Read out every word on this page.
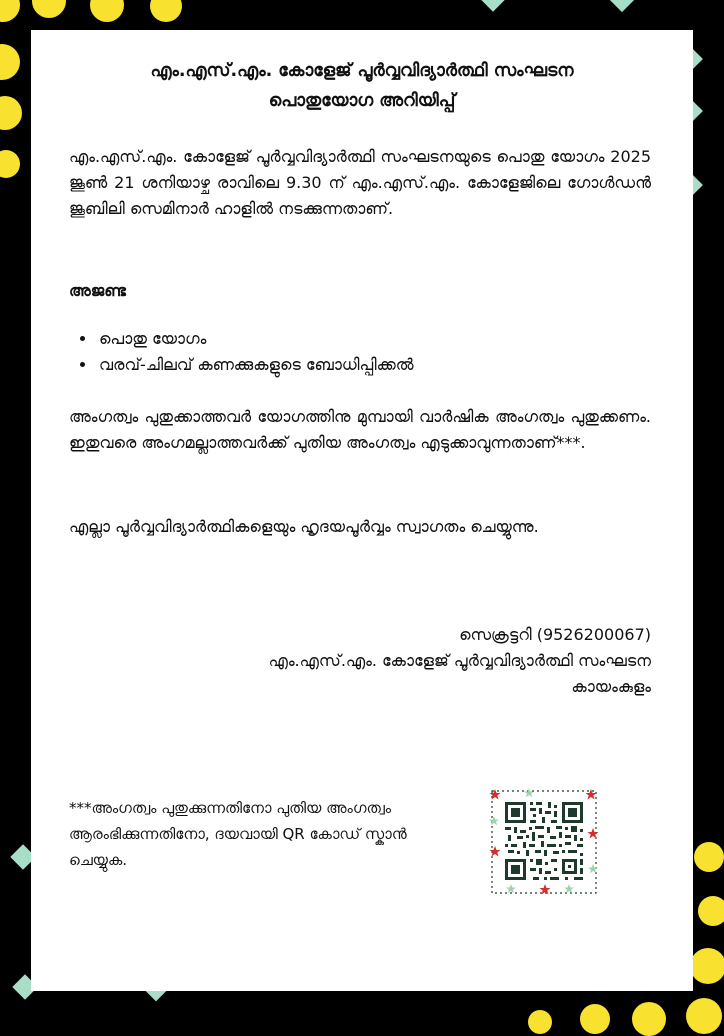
എം.എസ്.എം. കോളേജ് പൂർവ്വവിദ്യാർത്ഥി സംഘടന
പൊതുയോഗ അറിയിപ്പ്
എം.എസ്.എം. കോളേജ് പൂർവ്വവിദ്യാർത്ഥി സംഘടനയുടെ പൊതു യോഗം 2025 ജൂൺ 21 ശനിയാഴ്ച രാവിലെ 9.30 ന് എം.എസ്.എം. കോളേജിലെ ഗോൾഡൻ ജൂബിലി സെമിനാർ ഹാളിൽ നടക്കുന്നതാണ്.
അജണ്ട
• പൊതു യോഗം
• വരവ്-ചിലവ് കണക്കുകളുടെ ബോധിപ്പിക്കൽ
അംഗത്വം പുതുക്കാത്തവർ യോഗത്തിനു മുമ്പായി വാർഷിക അംഗത്വം പുതുക്കണം. ഇതുവരെ അംഗമല്ലാത്തവർക്ക് പുതിയ അംഗത്വം എടുക്കാവുന്നതാണ്***.
എല്ലാ പൂർവ്വവിദ്യാർത്ഥികളെയും ഹൃദയപൂർവ്വം സ്വാഗതം ചെയ്യുന്നു.
സെക്രട്ടറി (9526200067)
എം.എസ്.എം. കോളേജ് പൂർവ്വവിദ്യാർത്ഥി സംഘടന
കായംകുളം
***അംഗത്വം പുതുക്കുന്നതിനോ പുതിയ അംഗത്വം ആരംഭിക്കുന്നതിനോ, ദയവായി QR കോഡ് സ്കാൻ ചെയ്യുക.
